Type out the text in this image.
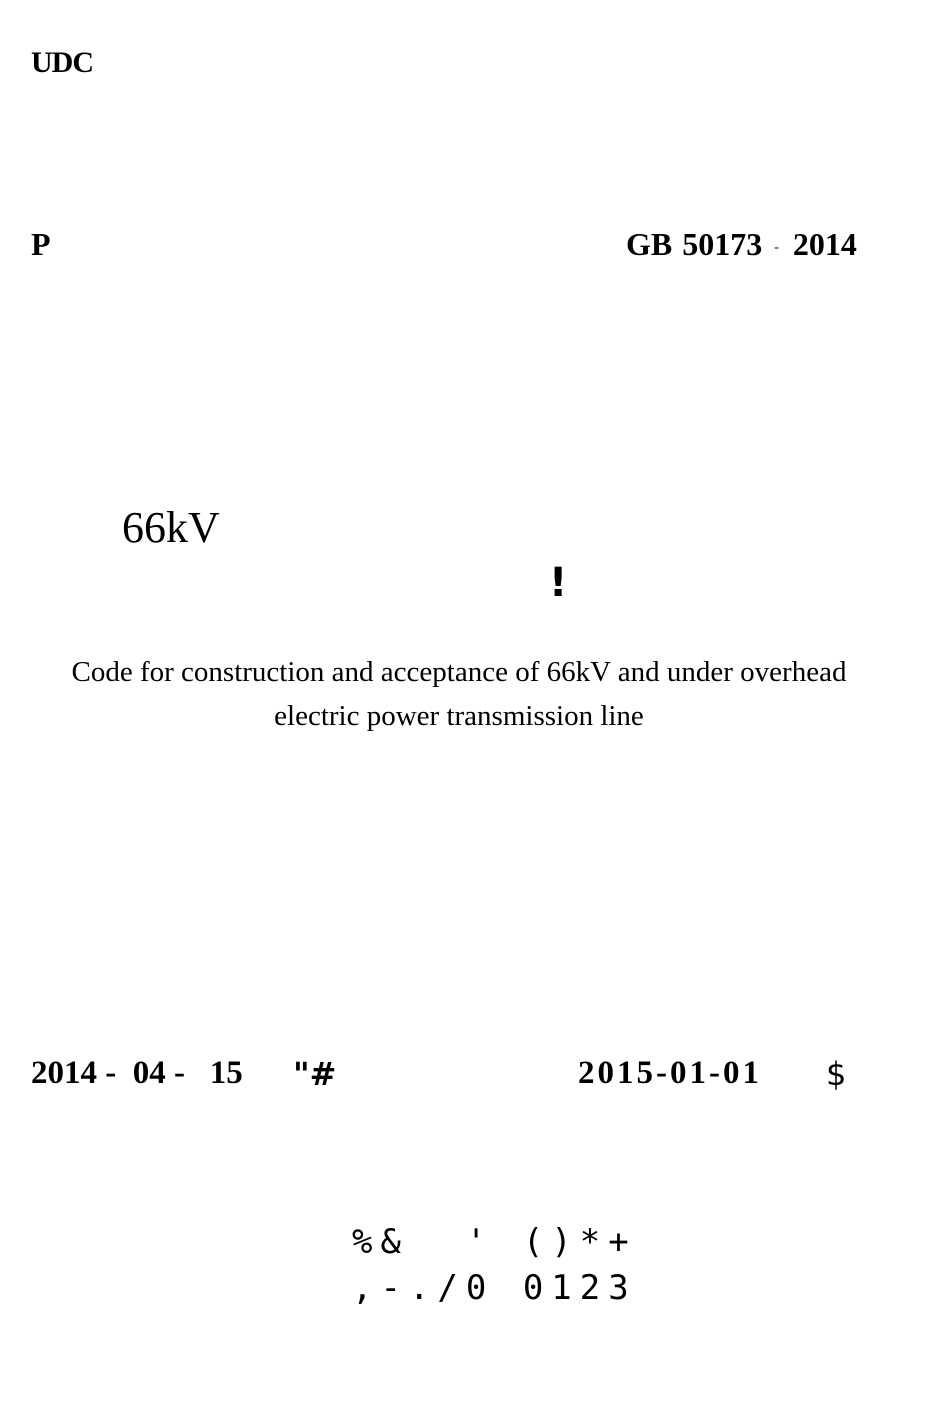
UDC
P	GB 50173 - 2014
66kV
!
Code for construction and acceptance of 66kV and under overhead electric power transmission line
2014 -  04 -   15 "#	2015-01-01 $
%&  ' ()*+
,-./0 0123
